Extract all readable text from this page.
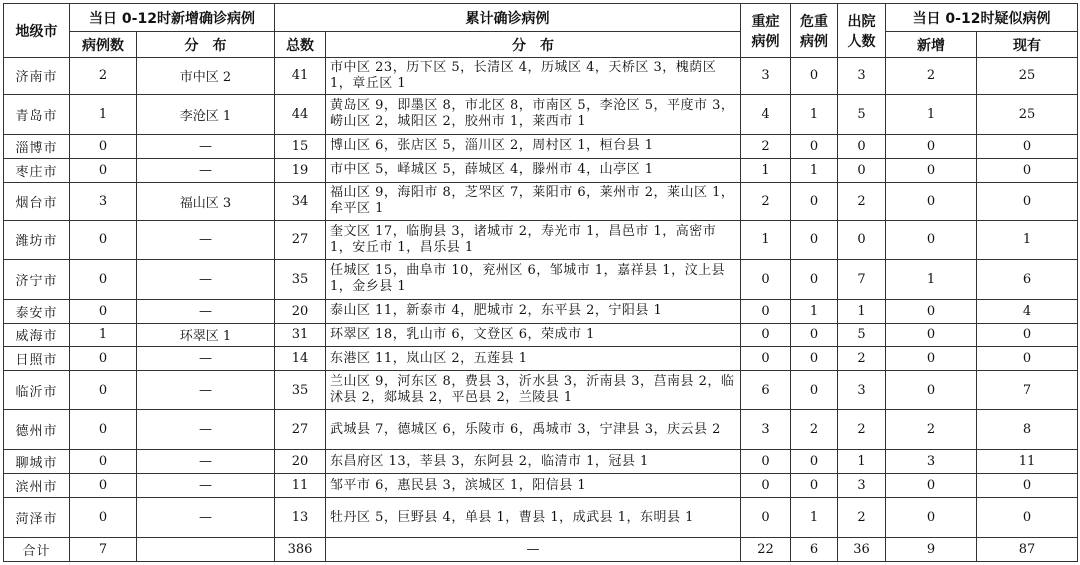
地级市	当日 0-12时新增确诊病例		累计确诊病例		重症病例	危重病例	出院人数	当日 0-12时疑似病例	
	病例数	分　布	总数	分　布				新增	现有
济南市	2	市中区 2	41	市中区 23，历下区 5，长清区 4，历城区 4，天桥区 3，槐荫区 1，章丘区 1	3	0	3	2	25
青岛市	1	李沧区 1	44	黄岛区 9，即墨区 8，市北区 8，市南区 5，李沧区 5，平度市 3，崂山区 2，城阳区 2，胶州市 1，莱西市 1	4	1	5	1	25
淄博市	0	—	15	博山区 6，张店区 5，淄川区 2，周村区 1，桓台县 1	2	0	0	0	0
枣庄市	0	—	19	市中区 5，峄城区 5，薛城区 4，滕州市 4，山亭区 1	1	1	0	0	0
烟台市	3	福山区 3	34	福山区 9，海阳市 8，芝罘区 7，莱阳市 6，莱州市 2，莱山区 1，牟平区 1	2	0	2	0	0
潍坊市	0	—	27	奎文区 17，临朐县 3，诸城市 2，寿光市 1，昌邑市 1，高密市 1，安丘市 1，昌乐县 1	1	0	0	0	1
济宁市	0	—	35	任城区 15，曲阜市 10，兖州区 6，邹城市 1，嘉祥县 1，汶上县 1，金乡县 1	0	0	7	1	6
泰安市	0	—	20	泰山区 11，新泰市 4，肥城市 2，东平县 2，宁阳县 1	0	1	1	0	4
威海市	1	环翠区 1	31	环翠区 18，乳山市 6，文登区 6，荣成市 1	0	0	5	0	0
日照市	0	—	14	东港区 11，岚山区 2，五莲县 1	0	0	2	0	0
临沂市	0	—	35	兰山区 9，河东区 8，费县 3，沂水县 3，沂南县 3，莒南县 2，临沭县 2，郯城县 2，平邑县 2，兰陵县 1	6	0	3	0	7
德州市	0	—	27	武城县 7，德城区 6，乐陵市 6，禹城市 3，宁津县 3，庆云县 2	3	2	2	2	8
聊城市	0	—	20	东昌府区 13，莘县 3，东阿县 2，临清市 1，冠县 1	0	0	1	3	11
滨州市	0	—	11	邹平市 6，惠民县 3，滨城区 1，阳信县 1	0	0	3	0	0
菏泽市	0	—	13	牡丹区 5，巨野县 4，单县 1，曹县 1，成武县 1，东明县 1	0	1	2	0	0
合计	7		386	—	22	6	36	9	87
